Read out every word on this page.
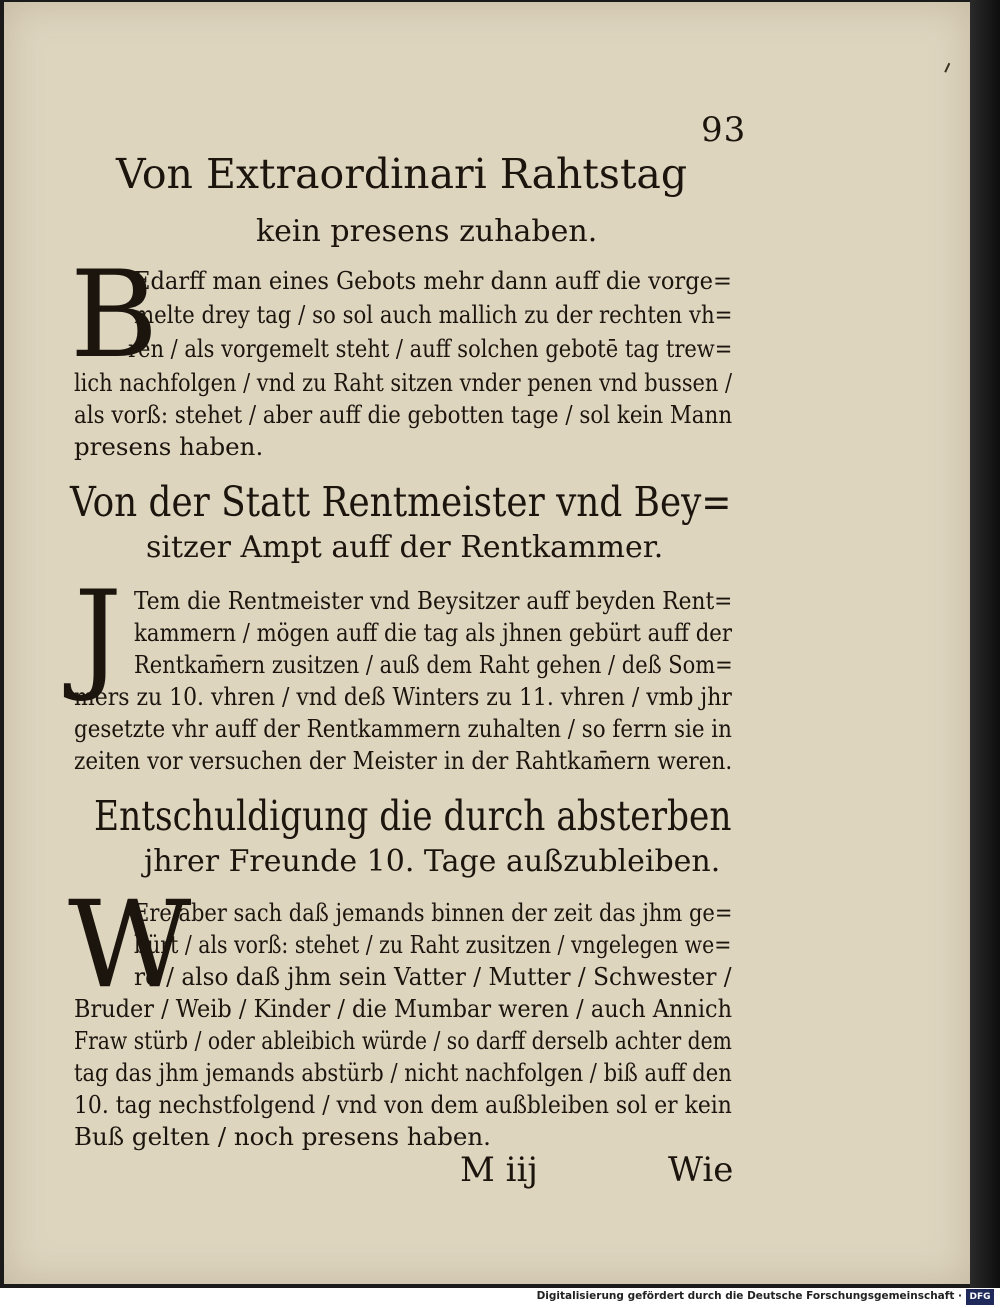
93
Von Extraordinari Rahtstag
kein presens zuhaben.
B
Edarff man eines Gebots mehr dann auff die vorge=
melte drey tag / so sol auch mallich zu der rechten vh=
ren / als vorgemelt steht / auff solchen gebotē tag trew=
lich nachfolgen / vnd zu Raht sitzen vnder penen vnd bussen /
als vorß: stehet / aber auff die gebotten tage / sol kein Mann
presens haben.
Von der Statt Rentmeister vnd Bey=
sitzer Ampt auff der Rentkammer.
J Tem die Rentmeister vnd Beysitzer auff beyden Rent=
kammern / mögen auff die tag als jhnen gebürt auff der
Rentkam̄ern zusitzen / auß dem Raht gehen / deß Som=
mers zu 10. vhren / vnd deß Winters zu 11. vhren / vmb jhr
gesetzte vhr auff der Rentkammern zuhalten / so ferrn sie in
zeiten vor versuchen der Meister in der Rahtkam̄ern weren.
Entschuldigung die durch absterben
jhrer Freunde 10. Tage außzubleiben.
W
Ere aber sach daß jemands binnen der zeit das jhm ge=
bürt / als vorß: stehet / zu Raht zusitzen / vngelegen we=
re / also daß jhm sein Vatter / Mutter / Schwester /
Bruder / Weib / Kinder / die Mumbar weren / auch Annich
Fraw stürb / oder ableibich würde / so darff derselb achter dem
tag das jhm jemands abstürb / nicht nachfolgen / biß auff den
10. tag nechstfolgend / vnd von dem außbleiben sol er kein
Buß gelten / noch presens haben.
M iij	Wie
Digitalisierung gefördert durch die Deutsche Forschungsgemeinschaft · DFG
